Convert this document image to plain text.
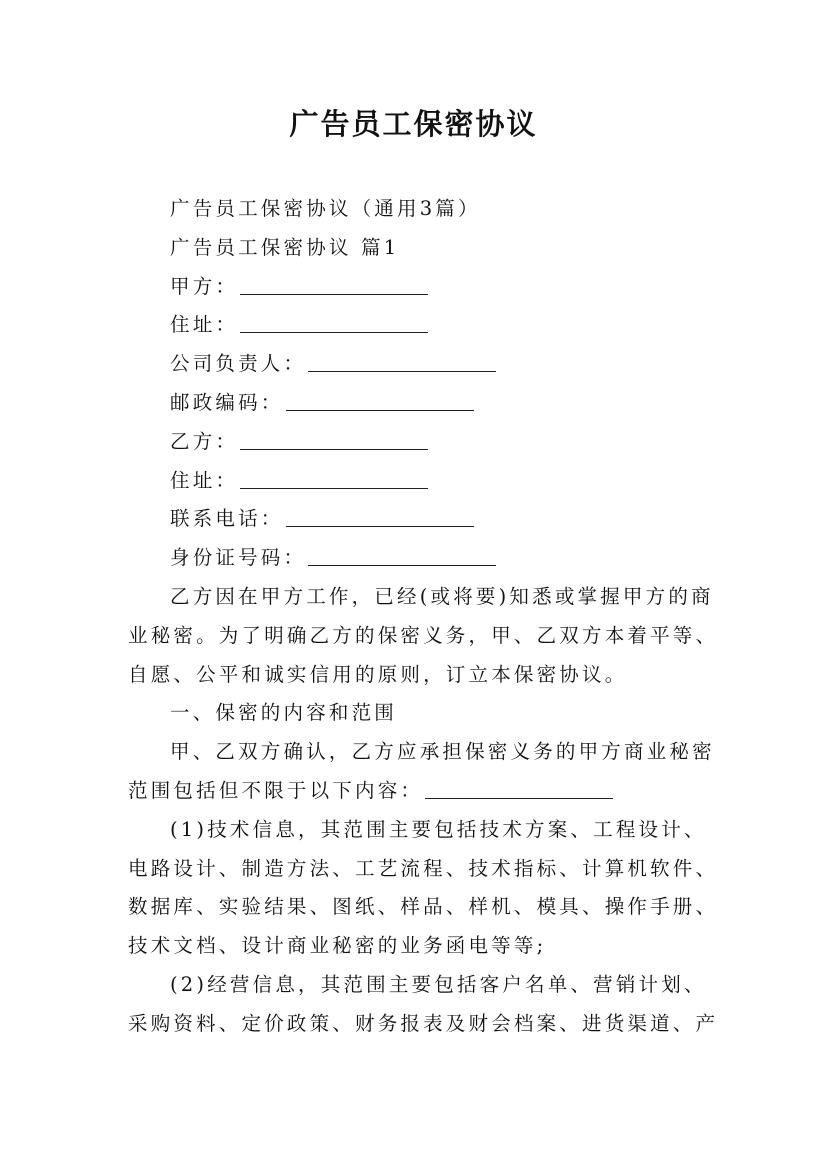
广告员工保密协议

广告员工保密协议（通用3篇）

广告员工保密协议 篇1

甲方：

住址：

公司负责人：

邮政编码：

乙方：

住址：

联系电话：

身份证号码：

乙方因在甲方工作，已经(或将要)知悉或掌握甲方的商

业秘密。为了明确乙方的保密义务，甲、乙双方本着平等、

自愿、公平和诚实信用的原则，订立本保密协议。

一、保密的内容和范围

甲、乙双方确认，乙方应承担保密义务的甲方商业秘密

范围包括但不限于以下内容：

(1)技术信息，其范围主要包括技术方案、工程设计、

电路设计、制造方法、工艺流程、技术指标、计算机软件、

数据库、实验结果、图纸、样品、样机、模具、操作手册、

技术文档、设计商业秘密的业务函电等等;

(2)经营信息，其范围主要包括客户名单、营销计划、

采购资料、定价政策、财务报表及财会档案、进货渠道、产
